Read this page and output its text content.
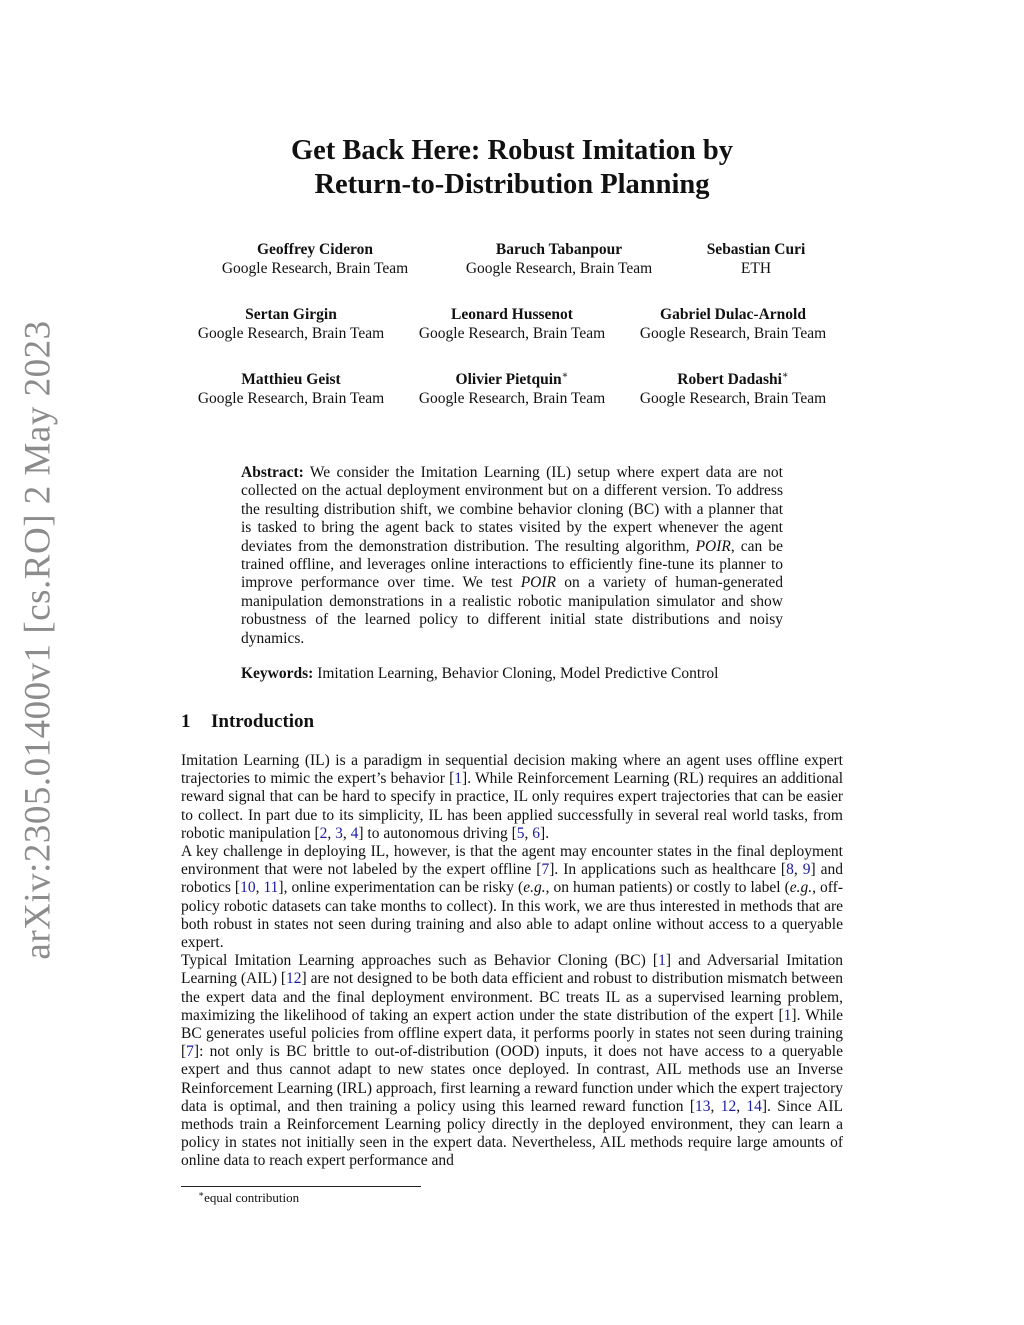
arXiv:2305.01400v1 [cs.RO] 2 May 2023
Get Back Here: Robust Imitation by
Return-to-Distribution Planning
Geoffrey Cideron
Google Research, Brain Team
Baruch Tabanpour
Google Research, Brain Team
Sebastian Curi
ETH
Sertan Girgin
Google Research, Brain Team
Leonard Hussenot
Google Research, Brain Team
Gabriel Dulac-Arnold
Google Research, Brain Team
Matthieu Geist
Google Research, Brain Team
Olivier Pietquin∗
Google Research, Brain Team
Robert Dadashi∗
Google Research, Brain Team
Abstract: We consider the Imitation Learning (IL) setup where expert data are not collected on the actual deployment environment but on a different version. To address the resulting distribution shift, we combine behavior cloning (BC) with a planner that is tasked to bring the agent back to states visited by the expert whenever the agent deviates from the demonstration distribution. The resulting algorithm, POIR, can be trained offline, and leverages online interactions to efficiently fine-tune its planner to improve performance over time. We test POIR on a variety of human-generated manipulation demonstrations in a realistic robotic manipulation simulator and show robustness of the learned policy to different initial state distributions and noisy dynamics.
Keywords: Imitation Learning, Behavior Cloning, Model Predictive Control
1 Introduction

Imitation Learning (IL) is a paradigm in sequential decision making where an agent uses offline expert trajectories to mimic the expert’s behavior [1]. While Reinforcement Learning (RL) requires an additional reward signal that can be hard to specify in practice, IL only requires expert trajectories that can be easier to collect. In part due to its simplicity, IL has been applied successfully in several real world tasks, from robotic manipulation [2, 3, 4] to autonomous driving [5, 6].

A key challenge in deploying IL, however, is that the agent may encounter states in the final deployment environment that were not labeled by the expert offline [7]. In applications such as healthcare [8, 9] and robotics [10, 11], online experimentation can be risky (e.g., on human patients) or costly to label (e.g., off-policy robotic datasets can take months to collect). In this work, we are thus interested in methods that are both robust in states not seen during training and also able to adapt online without access to a queryable expert.

Typical Imitation Learning approaches such as Behavior Cloning (BC) [1] and Adversarial Imitation Learning (AIL) [12] are not designed to be both data efficient and robust to distribution mismatch between the expert data and the final deployment environment. BC treats IL as a supervised learning problem, maximizing the likelihood of taking an expert action under the state distribution of the expert [1]. While BC generates useful policies from offline expert data, it performs poorly in states not seen during training [7]: not only is BC brittle to out-of-distribution (OOD) inputs, it does not have access to a queryable expert and thus cannot adapt to new states once deployed. In contrast, AIL methods use an Inverse Reinforcement Learning (IRL) approach, first learning a reward function under which the expert trajectory data is optimal, and then training a policy using this learned reward function [13, 12, 14]. Since AIL methods train a Reinforcement Learning policy directly in the deployed environment, they can learn a policy in states not initially seen in the expert data. Nevertheless, AIL methods require large amounts of online data to reach expert performance and

∗equal contribution
